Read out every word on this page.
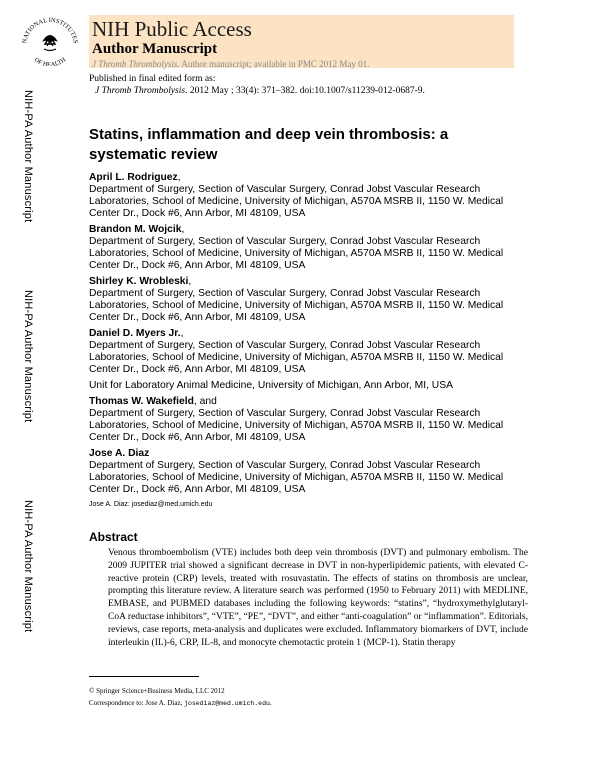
NATIONAL INSTITUTES
OF HEALTH
NIH Public Access
Author Manuscript
J Thromb Thrombolysis. Author manuscript; available in PMC 2012 May 01.
Published in final edited form as:
J Thromb Thrombolysis. 2012 May ; 33(4): 371–382. doi:10.1007/s11239-012-0687-9.
NIH-PA Author Manuscript
NIH-PA Author Manuscript
NIH-PA Author Manuscript
Statins, inflammation and deep vein thrombosis: a systematic review
April L. Rodriguez,
Department of Surgery, Section of Vascular Surgery, Conrad Jobst Vascular Research Laboratories, School of Medicine, University of Michigan, A570A MSRB II, 1150 W. Medical Center Dr., Dock #6, Ann Arbor, MI 48109, USA
Brandon M. Wojcik,
Department of Surgery, Section of Vascular Surgery, Conrad Jobst Vascular Research Laboratories, School of Medicine, University of Michigan, A570A MSRB II, 1150 W. Medical Center Dr., Dock #6, Ann Arbor, MI 48109, USA
Shirley K. Wrobleski,
Department of Surgery, Section of Vascular Surgery, Conrad Jobst Vascular Research Laboratories, School of Medicine, University of Michigan, A570A MSRB II, 1150 W. Medical Center Dr., Dock #6, Ann Arbor, MI 48109, USA
Daniel D. Myers Jr.,
Department of Surgery, Section of Vascular Surgery, Conrad Jobst Vascular Research Laboratories, School of Medicine, University of Michigan, A570A MSRB II, 1150 W. Medical Center Dr., Dock #6, Ann Arbor, MI 48109, USA
Unit for Laboratory Animal Medicine, University of Michigan, Ann Arbor, MI, USA
Thomas W. Wakefield, and
Department of Surgery, Section of Vascular Surgery, Conrad Jobst Vascular Research Laboratories, School of Medicine, University of Michigan, A570A MSRB II, 1150 W. Medical Center Dr., Dock #6, Ann Arbor, MI 48109, USA
Jose A. Diaz
Department of Surgery, Section of Vascular Surgery, Conrad Jobst Vascular Research Laboratories, School of Medicine, University of Michigan, A570A MSRB II, 1150 W. Medical Center Dr., Dock #6, Ann Arbor, MI 48109, USA
Jose A. Diaz: josediaz@med.umich.edu
Abstract

Venous thromboembolism (VTE) includes both deep vein thrombosis (DVT) and pulmonary embolism. The 2009 JUPITER trial showed a significant decrease in DVT in non-hyperlipidemic patients, with elevated C-reactive protein (CRP) levels, treated with rosuvastatin. The effects of statins on thrombosis are unclear, prompting this literature review. A literature search was performed (1950 to February 2011) with MEDLINE, EMBASE, and PUBMED databases including the following keywords: “statins”, “hydroxymethylglutaryl-CoA reductase inhibitors”, “VTE”, “PE”, “DVT”, and either “anti-coagulation” or “inflammation”. Editorials, reviews, case reports, meta-analysis and duplicates were excluded. Inflammatory biomarkers of DVT, include interleukin (IL)-6, CRP, IL-8, and monocyte chemotactic protein 1 (MCP-1). Statin therapy

© Springer Science+Business Media, LLC 2012
Correspondence to: Jose A. Diaz, josediaz@med.umich.edu.
